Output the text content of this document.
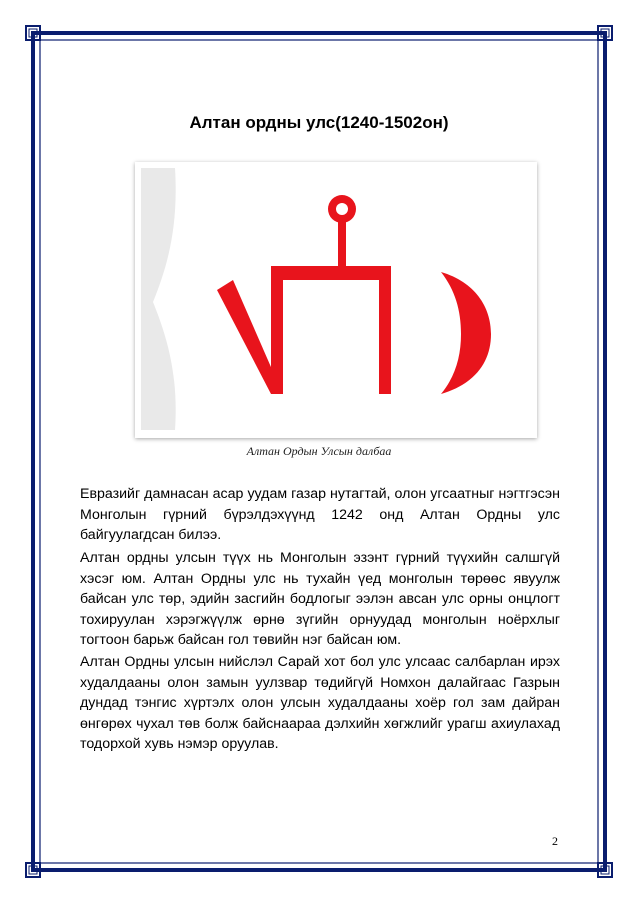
Алтан ордны улс(1240-1502он)
Алтан Ордын Улсын далбаа
Евразийг дамнасан асар уудам газар нутагтай, олон угсаатныг нэгтгэсэн Монголын гүрний бүрэлдэхүүнд 1242 онд Алтан Ордны улс байгуулагдсан билээ.
Алтан ордны улсын түүх нь Монголын эзэнт гүрний түүхийн салшгүй хэсэг юм. Алтан Ордны улс нь тухайн үед монголын төрөөс явуулж байсан улс төр, эдийн засгийн бодлогыг ээлэн авсан улс орны онцлогт тохируулан хэрэгжүүлж өрнө зүгийн орнуудад монголын ноёрхлыг тогтоон барьж байсан гол төвийн нэг байсан юм.
Алтан Ордны улсын нийслэл Сарай хот бол улс улсаас салбарлан ирэх худалдааны олон замын уулзвар төдийгүй Номхон далайгаас Газрын дундад тэнгис хүртэлх олон улсын худалдааны хоёр гол зам дайран өнгөрөх чухал төв болж байснаараа дэлхийн хөгжлийг урагш ахиулахад тодорхой хувь нэмэр оруулав.
2
